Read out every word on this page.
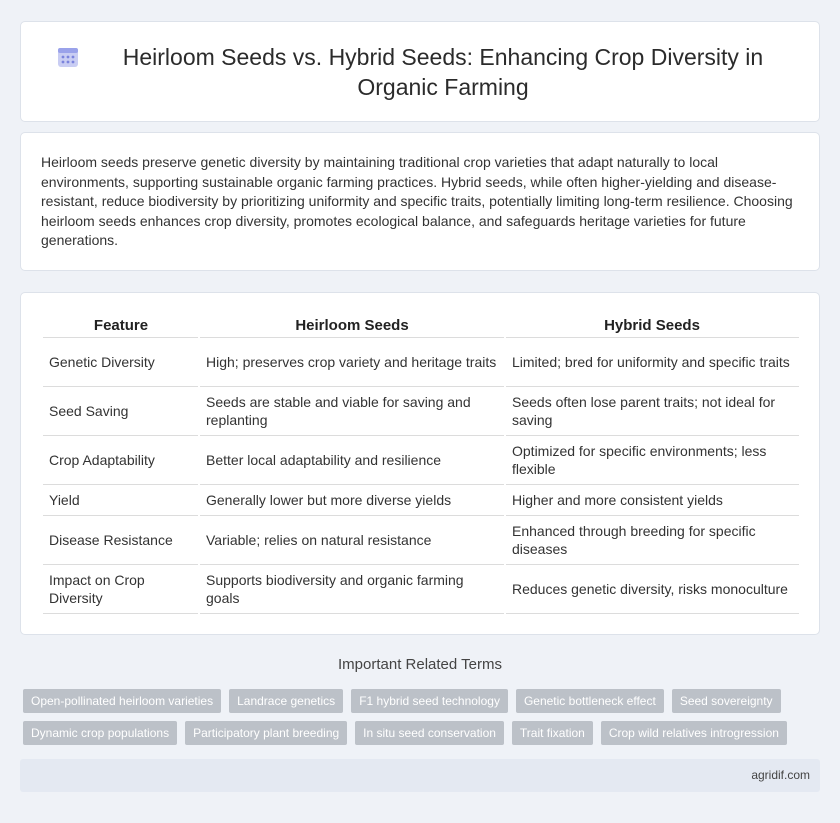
Heirloom Seeds vs. Hybrid Seeds: Enhancing Crop Diversity in Organic Farming

Heirloom seeds preserve genetic diversity by maintaining traditional crop varieties that adapt naturally to local environments, supporting sustainable organic farming practices. Hybrid seeds, while often higher-yielding and disease-resistant, reduce biodiversity by prioritizing uniformity and specific traits, potentially limiting long-term resilience. Choosing heirloom seeds enhances crop diversity, promotes ecological balance, and safeguards heritage varieties for future generations.

Feature	Heirloom Seeds	Hybrid Seeds
Genetic Diversity	High; preserves crop variety and heritage traits	Limited; bred for uniformity and specific traits
Seed Saving	Seeds are stable and viable for saving and replanting	Seeds often lose parent traits; not ideal for saving
Crop Adaptability	Better local adaptability and resilience	Optimized for specific environments; less flexible
Yield	Generally lower but more diverse yields	Higher and more consistent yields
Disease Resistance	Variable; relies on natural resistance	Enhanced through breeding for specific diseases
Impact on Crop Diversity	Supports biodiversity and organic farming goals	Reduces genetic diversity, risks monoculture
Important Related Terms
Open-pollinated heirloom varieties	Landrace genetics	F1 hybrid seed technology	Genetic bottleneck effect	Seed sovereignty
Dynamic crop populations	Participatory plant breeding	In situ seed conservation	Trait fixation	Crop wild relatives introgression
agridif.com
